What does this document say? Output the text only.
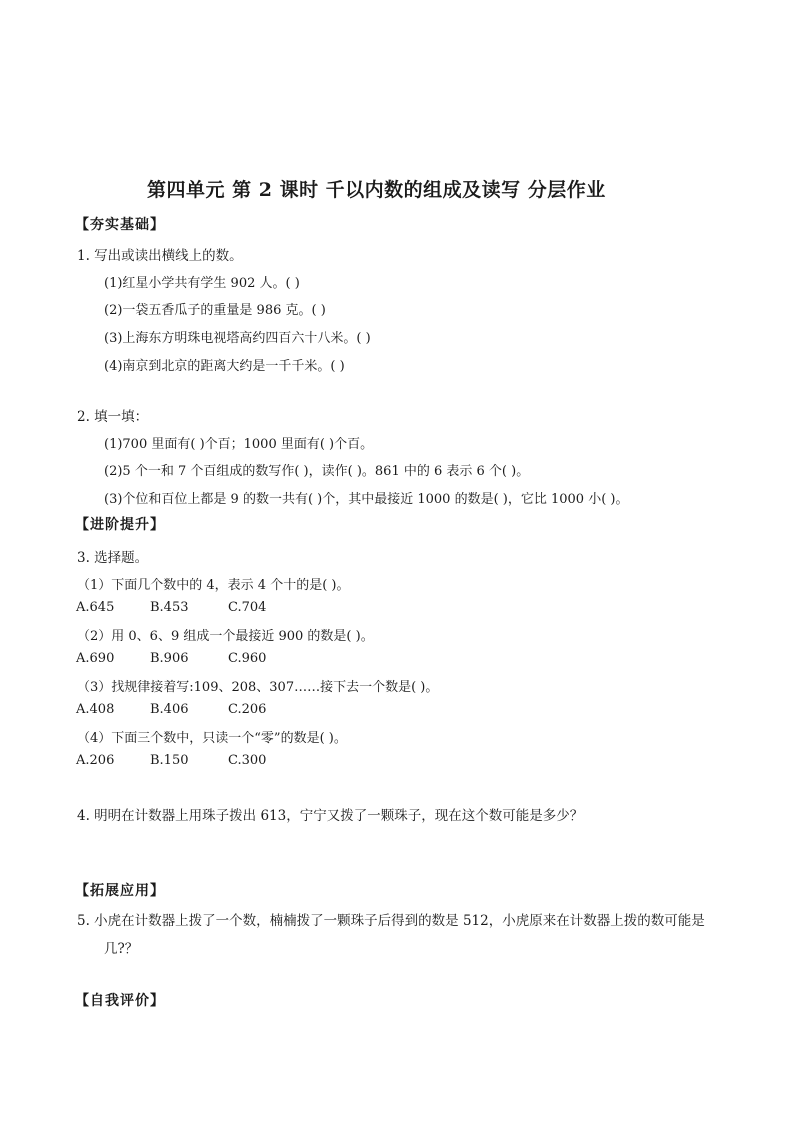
第四单元 第 2 课时 千以内数的组成及读写 分层作业
【夯实基础】
1. 写出或读出横线上的数。
(1)红星小学共有学生 902 人。( )
(2)一袋五香瓜子的重量是 986 克。( )
(3)上海东方明珠电视塔高约四百六十八米。( )
(4)南京到北京的距离大约是一千千米。( )
2. 填一填：
(1)700 里面有( )个百；1000 里面有( )个百。
(2)5 个一和 7 个百组成的数写作( )，读作( )。861 中的 6 表示 6 个( )。
(3)个位和百位上都是 9 的数一共有( )个，其中最接近 1000 的数是( )，它比 1000 小( )。
【进阶提升】
3. 选择题。
（1）下面几个数中的 4，表示 4 个十的是( )。
A.645	B.453	C.704
（2）用 0、6、9 组成一个最接近 900 的数是( )。
A.690	B.906	C.960
（3）找规律接着写:109、208、307……接下去一个数是( )。
A.408	B.406	C.206
（4）下面三个数中，只读一个“零”的数是( )。
A.206	B.150	C.300
4. 明明在计数器上用珠子拨出 613，宁宁又拨了一颗珠子，现在这个数可能是多少？
【拓展应用】
5. 小虎在计数器上拨了一个数，楠楠拨了一颗珠子后得到的数是 512，小虎原来在计数器上拨的数可能是
几?？
【自我评价】
